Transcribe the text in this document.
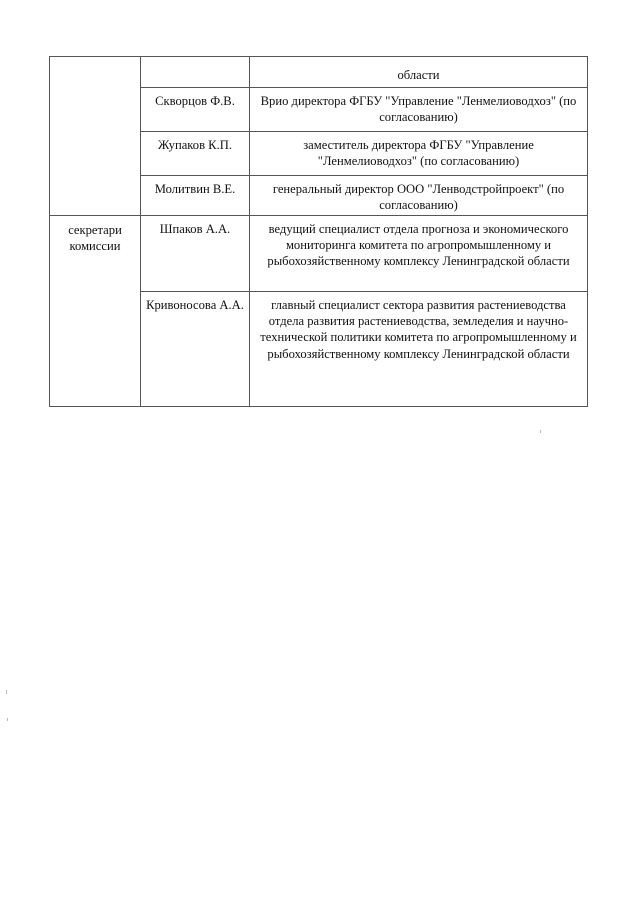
		области

	Скворцов Ф.В.	Врио директора ФГБУ "Управление "Ленмелиоводхоз" (по согласованию)

	Жупаков К.П.	заместитель директора ФГБУ "Управление "Ленмелиоводхоз" (по согласованию)

	Молитвин В.Е.	генеральный директор ООО "Ленводстройпроект" (по согласованию)

секретари комиссии	Шпаков А.А.	ведущий специалист отдела прогноза и экономического мониторинга комитета по агропромышленному и рыбохозяйственному комплексу Ленинградской области

	Кривоносова А.А.	главный специалист сектора развития растениеводства отдела развития растениеводства, земледелия и научно-технической политики комитета по агропромышленному и рыбохозяйственному комплексу Ленинградской области
